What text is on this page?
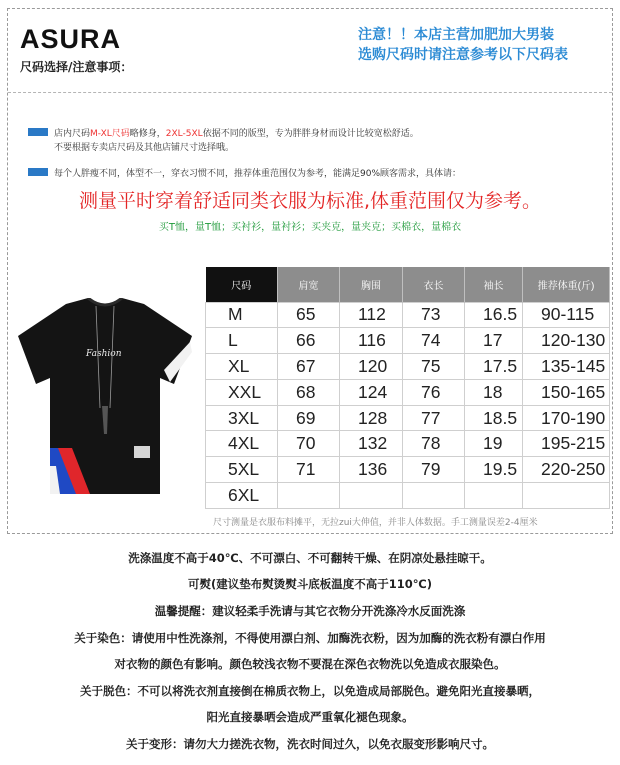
ASURA
尺码选择/注意事项：
注意！！本店主营加肥加大男装
选购尺码时请注意参考以下尺码表
店内尺码M-XL尺码略修身，2XL-5XL依据不同的版型，专为胖胖身材而设计比较宽松舒适。
不要根据专卖店尺码及其他店铺尺寸选择哦。
每个人胖瘦不同，体型不一，穿衣习惯不同，推荐体重范围仅为参考，能满足90%顾客需求，具体请：
测量平时穿着舒适同类衣服为标准,体重范围仅为参考。
买T恤，量T恤；买衬衫，量衬衫；买夹克，量夹克；买棉衣，量棉衣
Fashion
尺码	肩宽	胸围	衣长	袖长	推荐体重(斤)
M	65	112	73	16.5	90-115
L	66	116	74	17	120-130
XL	67	120	75	17.5	135-145
XXL	68	124	76	18	150-165
3XL	69	128	77	18.5	170-190
4XL	70	132	78	19	195-215
5XL	71	136	79	19.5	220-250
6XL					
尺寸测量是衣服布料摊平，无拉zui大伸值，并非人体数据。手工测量误差2-4厘米
洗涤温度不高于40℃、不可漂白、不可翻转干燥、在阴凉处悬挂晾干。
可熨(建议垫布熨烫熨斗底板温度不高于110℃)
温馨提醒：建议轻柔手洗请与其它衣物分开洗涤冷水反面洗涤
关于染色：请使用中性洗涤剂，不得使用漂白剂、加酶洗衣粉，因为加酶的洗衣粉有漂白作用
对衣物的颜色有影响。颜色较浅衣物不要混在深色衣物洗以免造成衣服染色。
关于脱色：不可以将洗衣剂直接倒在棉质衣物上，以免造成局部脱色。避免阳光直接暴晒，
阳光直接暴晒会造成严重氧化褪色现象。
关于变形：请勿大力搓洗衣物，洗衣时间过久，以免衣服变形影响尺寸。
